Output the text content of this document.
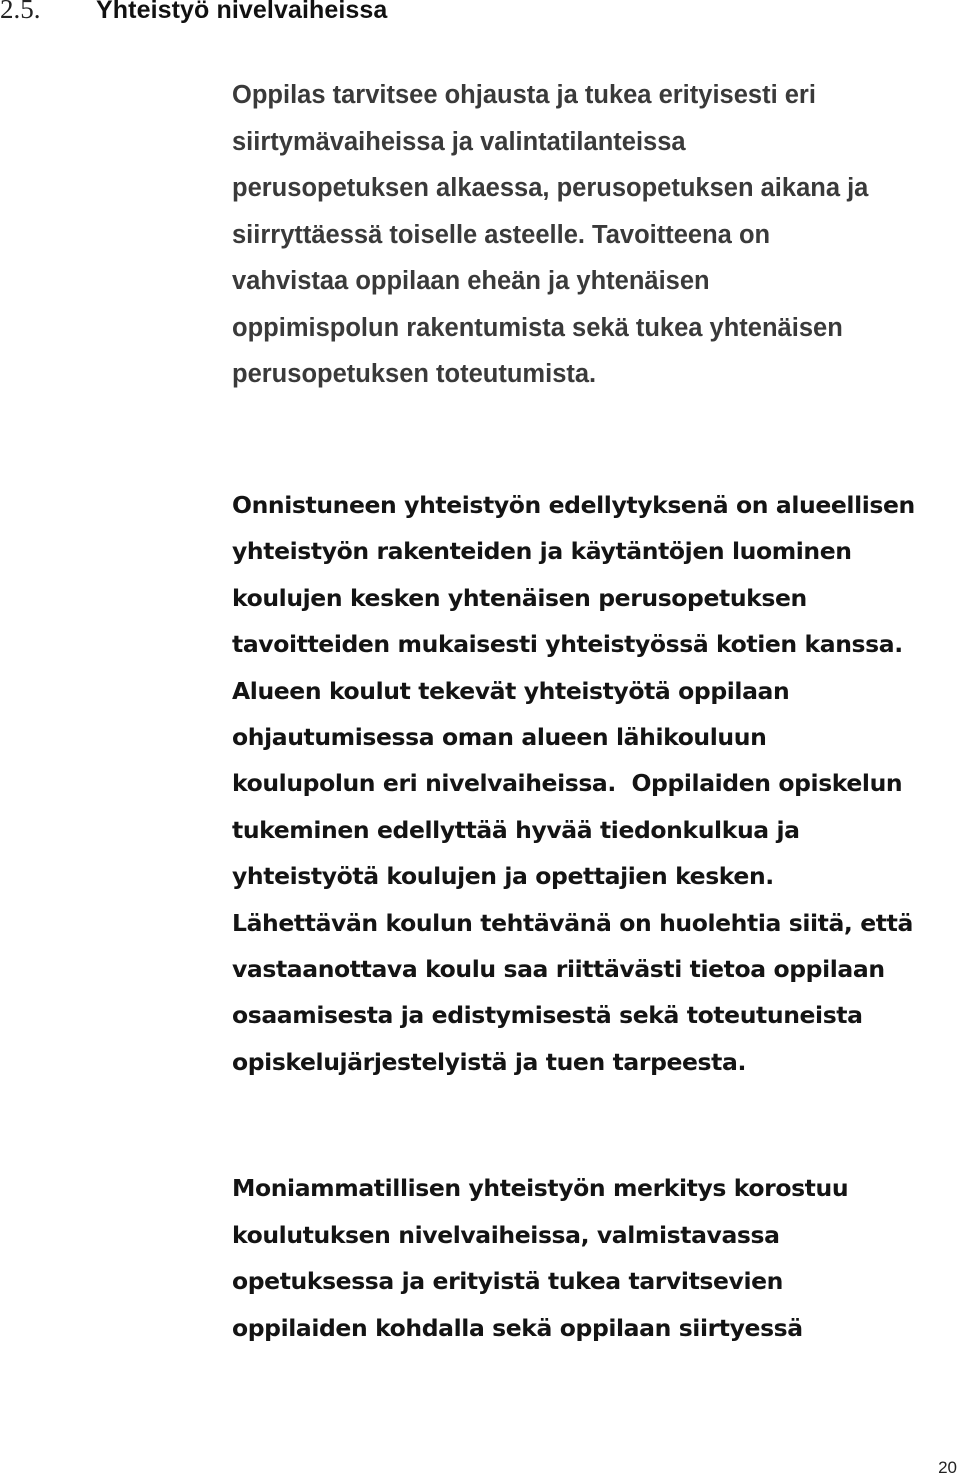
2.5.	Yhteistyö nivelvaiheissa
Oppilas tarvitsee ohjausta ja tukea erityisesti eri
siirtymävaiheissa ja valintatilanteissa
perusopetuksen alkaessa, perusopetuksen aikana ja
siirryttäessä toiselle asteelle. Tavoitteena on
vahvistaa oppilaan eheän ja yhtenäisen
oppimispolun rakentumista sekä tukea yhtenäisen
perusopetuksen toteutumista.
Onnistuneen yhteistyön edellytyksenä on alueellisen
yhteistyön rakenteiden ja käytäntöjen luominen
koulujen kesken yhtenäisen perusopetuksen
tavoitteiden mukaisesti yhteistyössä kotien kanssa.
Alueen koulut tekevät yhteistyötä oppilaan
ohjautumisessa oman alueen lähikouluun
koulupolun eri nivelvaiheissa.  Oppilaiden opiskelun
tukeminen edellyttää hyvää tiedonkulkua ja
yhteistyötä koulujen ja opettajien kesken.
Lähettävän koulun tehtävänä on huolehtia siitä, että
vastaanottava koulu saa riittävästi tietoa oppilaan
osaamisesta ja edistymisestä sekä toteutuneista
opiskelujärjestelyistä ja tuen tarpeesta.
Moniammatillisen yhteistyön merkitys korostuu
koulutuksen nivelvaiheissa, valmistavassa
opetuksessa ja erityistä tukea tarvitsevien
oppilaiden kohdalla sekä oppilaan siirtyessä
20
